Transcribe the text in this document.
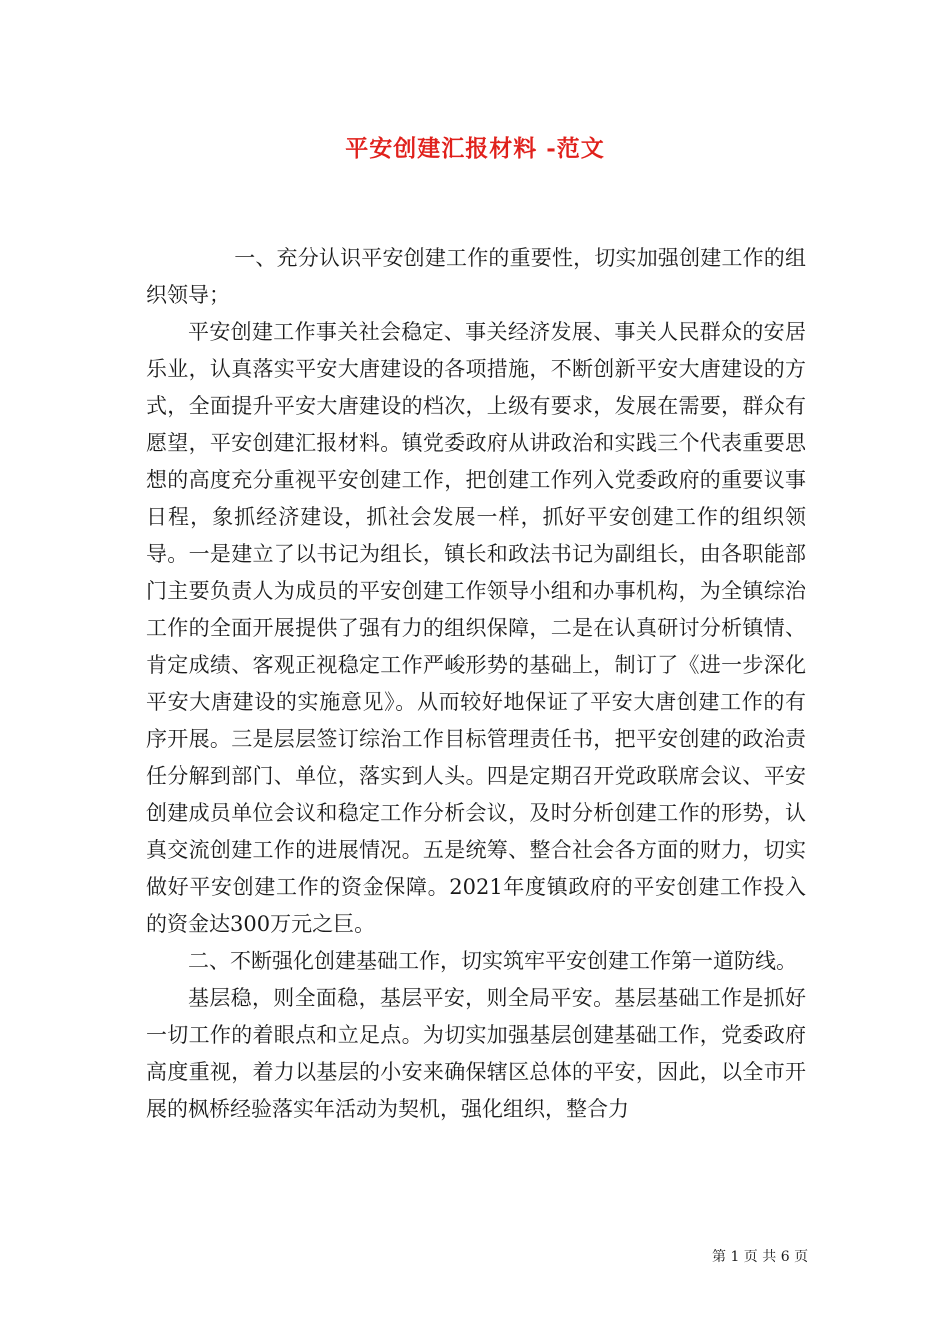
平安创建汇报材料 -范文

一、充分认识平安创建工作的重要性，切实加强创建工作的组织领导；

平安创建工作事关社会稳定、事关经济发展、事关人民群众的安居乐业，认真落实平安大唐建设的各项措施，不断创新平安大唐建设的方式，全面提升平安大唐建设的档次，上级有要求，发展在需要，群众有愿望，平安创建汇报材料。镇党委政府从讲政治和实践三个代表重要思想的高度充分重视平安创建工作，把创建工作列入党委政府的重要议事日程，象抓经济建设，抓社会发展一样，抓好平安创建工作的组织领导。一是建立了以书记为组长，镇长和政法书记为副组长，由各职能部门主要负责人为成员的平安创建工作领导小组和办事机构，为全镇综治工作的全面开展提供了强有力的组织保障，二是在认真研讨分析镇情、肯定成绩、客观正视稳定工作严峻形势的基础上，制订了《进一步深化平安大唐建设的实施意见》。从而较好地保证了平安大唐创建工作的有序开展。三是层层签订综治工作目标管理责任书，把平安创建的政治责任分解到部门、单位，落实到人头。四是定期召开党政联席会议、平安创建成员单位会议和稳定工作分析会议，及时分析创建工作的形势，认真交流创建工作的进展情况。五是统筹、整合社会各方面的财力，切实做好平安创建工作的资金保障。2021年度镇政府的平安创建工作投入的资金达300万元之巨。

二、不断强化创建基础工作，切实筑牢平安创建工作第一道防线。

基层稳，则全面稳，基层平安，则全局平安。基层基础工作是抓好一切工作的着眼点和立足点。为切实加强基层创建基础工作，党委政府高度重视，着力以基层的小安来确保辖区总体的平安，因此，以全市开展的枫桥经验落实年活动为契机，强化组织，整合力

第 1 页 共 6 页
